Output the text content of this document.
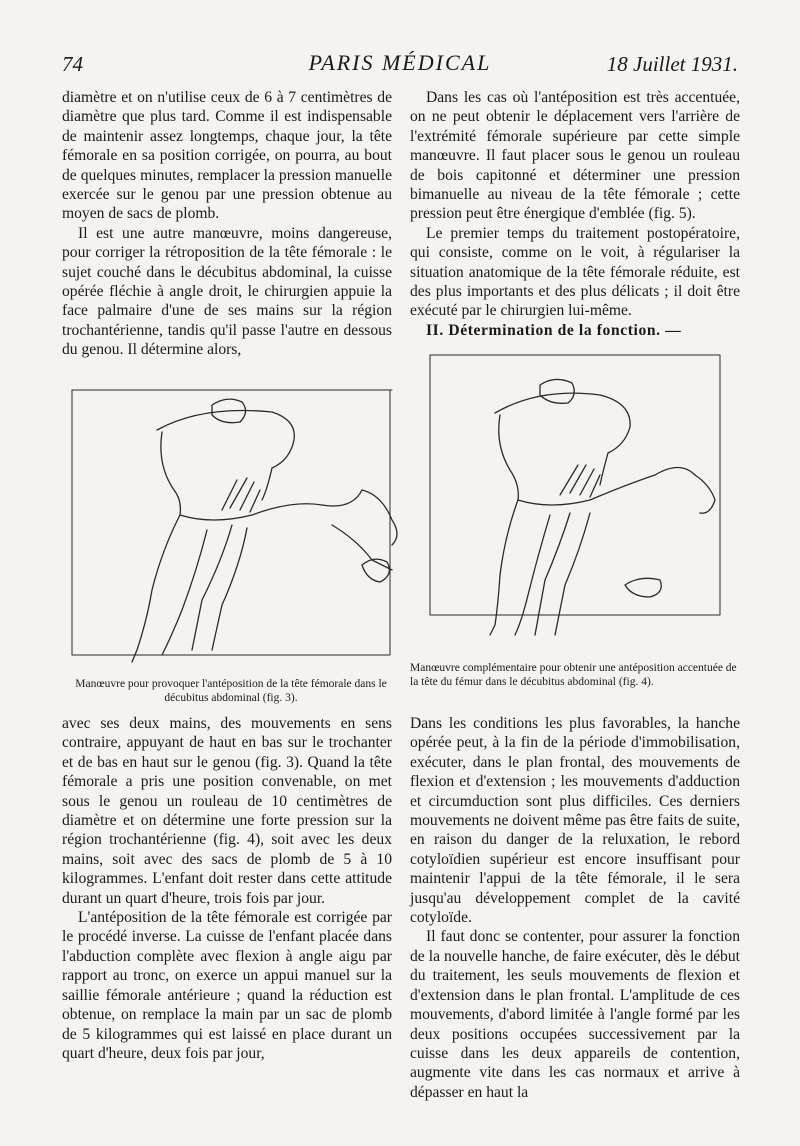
74	PARIS MÉDICAL	18 Juillet 1931.

diamètre et on n'utilise ceux de 6 à 7 centimètres de diamètre que plus tard. Comme il est indispensable de maintenir assez longtemps, chaque jour, la tête fémorale en sa position corrigée, on pourra, au bout de quelques minutes, remplacer la pression manuelle exercée sur le genou par une pression obtenue au moyen de sacs de plomb.

Il est une autre manœuvre, moins dangereuse, pour corriger la rétroposition de la tête fémorale : le sujet couché dans le décubitus abdominal, la cuisse opérée fléchie à angle droit, le chirurgien appuie la face palmaire d'une de ses mains sur la région trochantérienne, tandis qu'il passe l'autre en dessous du genou. Il détermine alors,

Dans les cas où l'antéposition est très accentuée, on ne peut obtenir le déplacement vers l'arrière de l'extrémité fémorale supérieure par cette simple manœuvre. Il faut placer sous le genou un rouleau de bois capitonné et déterminer une pression bimanuelle au niveau de la tête fémorale ; cette pression peut être énergique d'emblée (fig. 5).

Le premier temps du traitement postopératoire, qui consiste, comme on le voit, à régulariser la situation anatomique de la tête fémorale réduite, est des plus importants et des plus délicats ; il doit être exécuté par le chirurgien lui-même.

II. Détermination de la fonction. —

Manœuvre pour provoquer l'antéposition de la tête fémorale dans le décubitus abdominal (fig. 3).
Manœuvre complémentaire pour obtenir une antéposition accentuée de la tête du fémur dans le décubitus abdominal (fig. 4).

avec ses deux mains, des mouvements en sens contraire, appuyant de haut en bas sur le trochanter et de bas en haut sur le genou (fig. 3). Quand la tête fémorale a pris une position convenable, on met sous le genou un rouleau de 10 centimètres de diamètre et on détermine une forte pression sur la région trochantérienne (fig. 4), soit avec les deux mains, soit avec des sacs de plomb de 5 à 10 kilogrammes. L'enfant doit rester dans cette attitude durant un quart d'heure, trois fois par jour.

L'antéposition de la tête fémorale est corrigée par le procédé inverse. La cuisse de l'enfant placée dans l'abduction complète avec flexion à angle aigu par rapport au tronc, on exerce un appui manuel sur la saillie fémorale antérieure ; quand la réduction est obtenue, on remplace la main par un sac de plomb de 5 kilogrammes qui est laissé en place durant un quart d'heure, deux fois par jour,

Dans les conditions les plus favorables, la hanche opérée peut, à la fin de la période d'immobilisation, exécuter, dans le plan frontal, des mouvements de flexion et d'extension ; les mouvements d'adduction et circumduction sont plus difficiles. Ces derniers mouvements ne doivent même pas être faits de suite, en raison du danger de la reluxation, le rebord cotyloïdien supérieur est encore insuffisant pour maintenir l'appui de la tête fémorale, il le sera jusqu'au développement complet de la cavité cotyloïde.

Il faut donc se contenter, pour assurer la fonction de la nouvelle hanche, de faire exécuter, dès le début du traitement, les seuls mouvements de flexion et d'extension dans le plan frontal. L'amplitude de ces mouvements, d'abord limitée à l'angle formé par les deux positions occupées successivement par la cuisse dans les deux appareils de contention, augmente vite dans les cas normaux et arrive à dépasser en haut la
